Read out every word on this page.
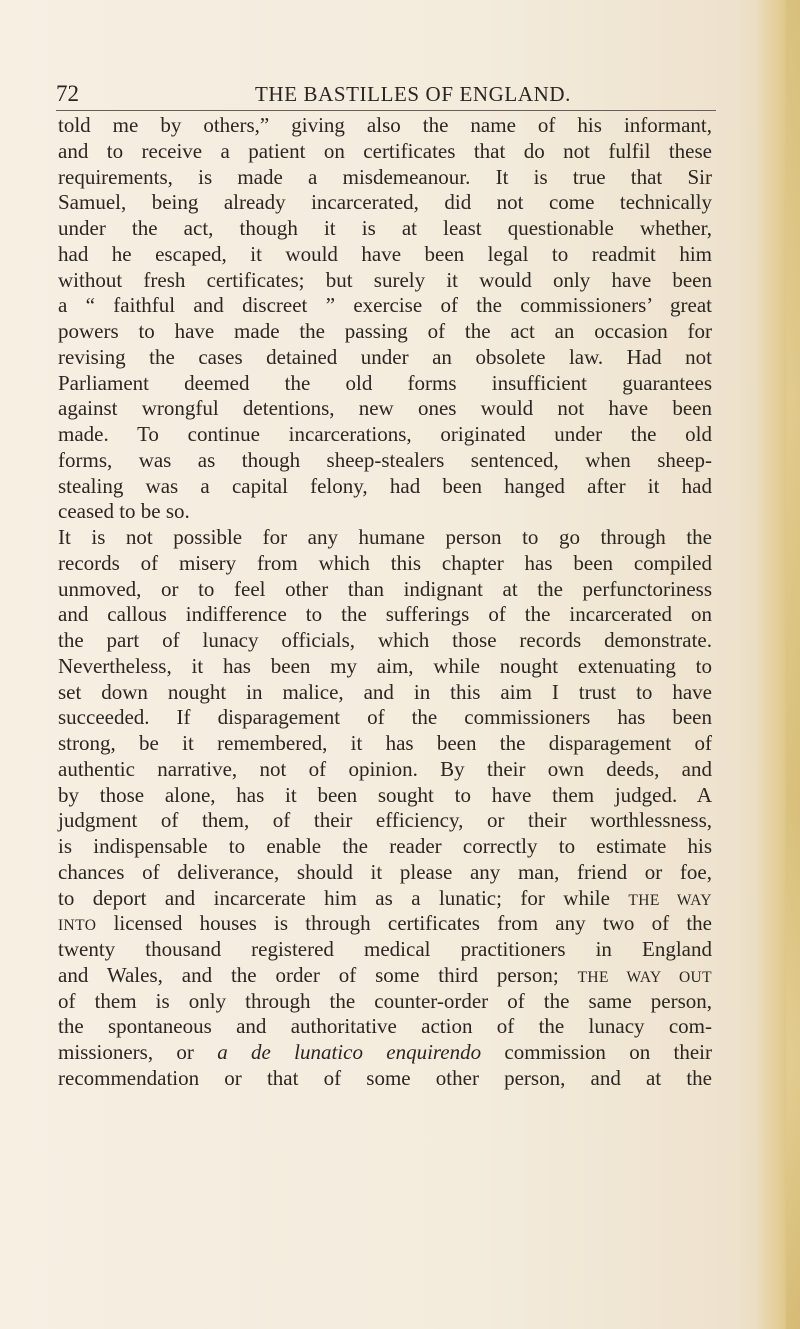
72	THE BASTILLES OF ENGLAND.
told me by others,” giving also the name of his informant,
and to receive a patient on certificates that do not fulfil these
requirements, is made a misdemeanour. It is true that Sir
Samuel, being already incarcerated, did not come technically
under the act, though it is at least questionable whether,
had he escaped, it would have been legal to readmit him
without fresh certificates; but surely it would only have been
a “ faithful and discreet ” exercise of the commissioners’ great
powers to have made the passing of the act an occasion for
revising the cases detained under an obsolete law. Had not
Parliament deemed the old forms insufficient guarantees
against wrongful detentions, new ones would not have been
made. To continue incarcerations, originated under the old
forms, was as though sheep-stealers sentenced, when sheep-
stealing was a capital felony, had been hanged after it had
ceased to be so.
It is not possible for any humane person to go through the
records of misery from which this chapter has been compiled
unmoved, or to feel other than indignant at the perfunctoriness
and callous indifference to the sufferings of the incarcerated on
the part of lunacy officials, which those records demonstrate.
Nevertheless, it has been my aim, while nought extenuating to
set down nought in malice, and in this aim I trust to have
succeeded. If disparagement of the commissioners has been
strong, be it remembered, it has been the disparagement of
authentic narrative, not of opinion. By their own deeds, and
by those alone, has it been sought to have them judged. A
judgment of them, of their efficiency, or their worthlessness,
is indispensable to enable the reader correctly to estimate his
chances of deliverance, should it please any man, friend or foe,
to deport and incarcerate him as a lunatic; for while THE WAY
INTO licensed houses is through certificates from any two of the
twenty thousand registered medical practitioners in England
and Wales, and the order of some third person; THE WAY OUT
of them is only through the counter-order of the same person,
the spontaneous and authoritative action of the lunacy com-
missioners, or a de lunatico enquirendo commission on their
recommendation or that of some other person, and at the
